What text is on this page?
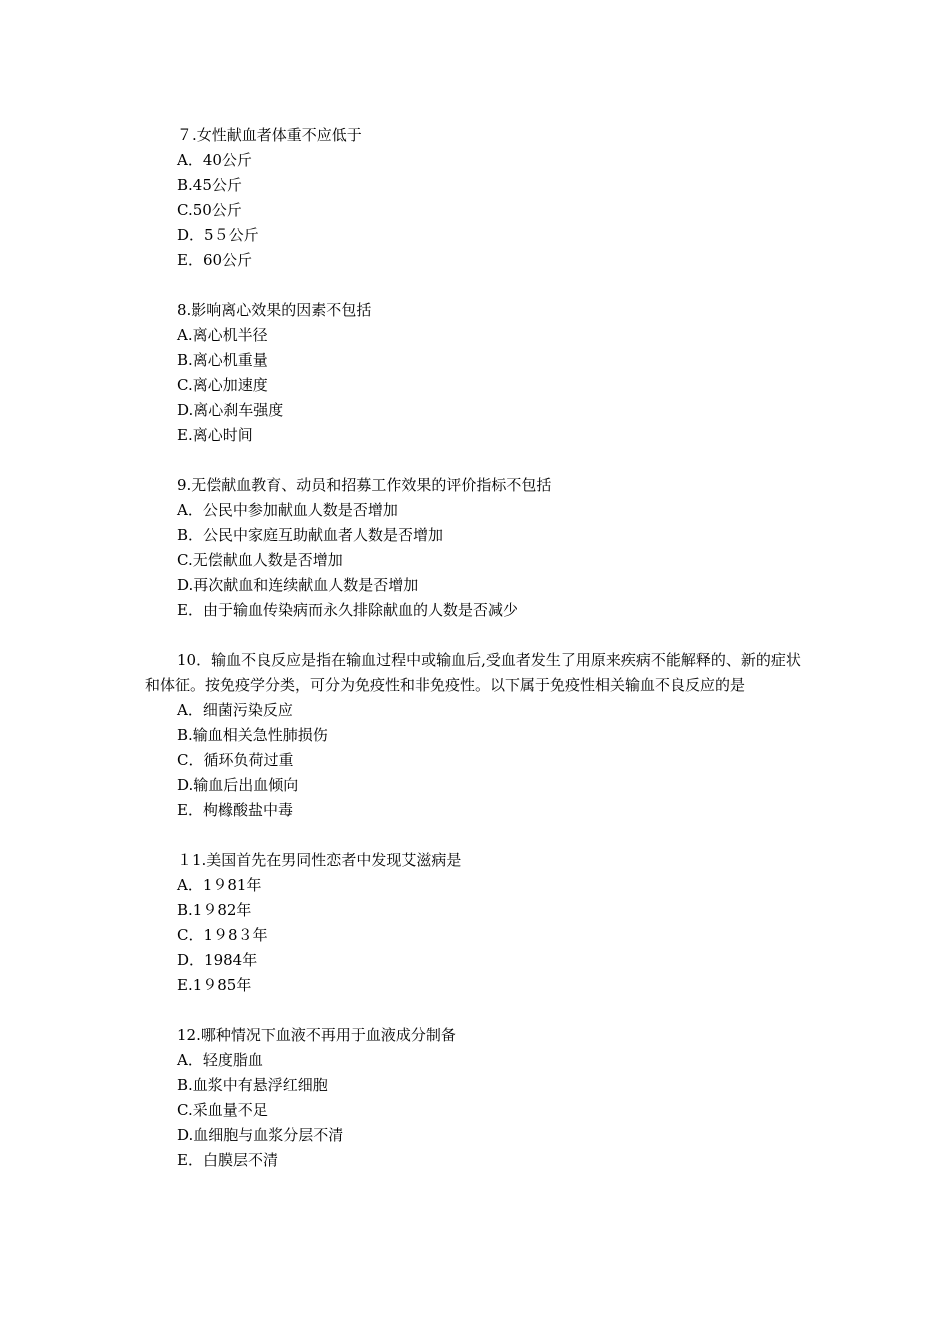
７.女性献血者体重不应低于
A．40公斤
B.45公斤
C.50公斤
D．5５公斤
E．60公斤
8.影响离心效果的因素不包括
A.离心机半径
B.离心机重量
C.离心加速度
D.离心刹车强度
E.离心时间
9.无偿献血教育、动员和招募工作效果的评价指标不包括
A．公民中参加献血人数是否增加
B．公民中家庭互助献血者人数是否增加
C.无偿献血人数是否增加
D.再次献血和连续献血人数是否增加
E．由于输血传染病而永久排除献血的人数是否减少
10．输血不良反应是指在输血过程中或输血后,受血者发生了用原来疾病不能解释的、新的症状和体征。按免疫学分类，可分为免疫性和非免疫性。以下属于免疫性相关输血不良反应的是
A．细菌污染反应
B.输血相关急性肺损伤
C．循环负荷过重
D.输血后出血倾向
E．枸橼酸盐中毒
１1.美国首先在男同性恋者中发现艾滋病是
A．1９81年
B.1９82年
C．1９8３年
D．1984年
E.1９85年
12.哪种情况下血液不再用于血液成分制备
A．轻度脂血
B.血浆中有悬浮红细胞
C.采血量不足
D.血细胞与血浆分层不清
E．白膜层不清
